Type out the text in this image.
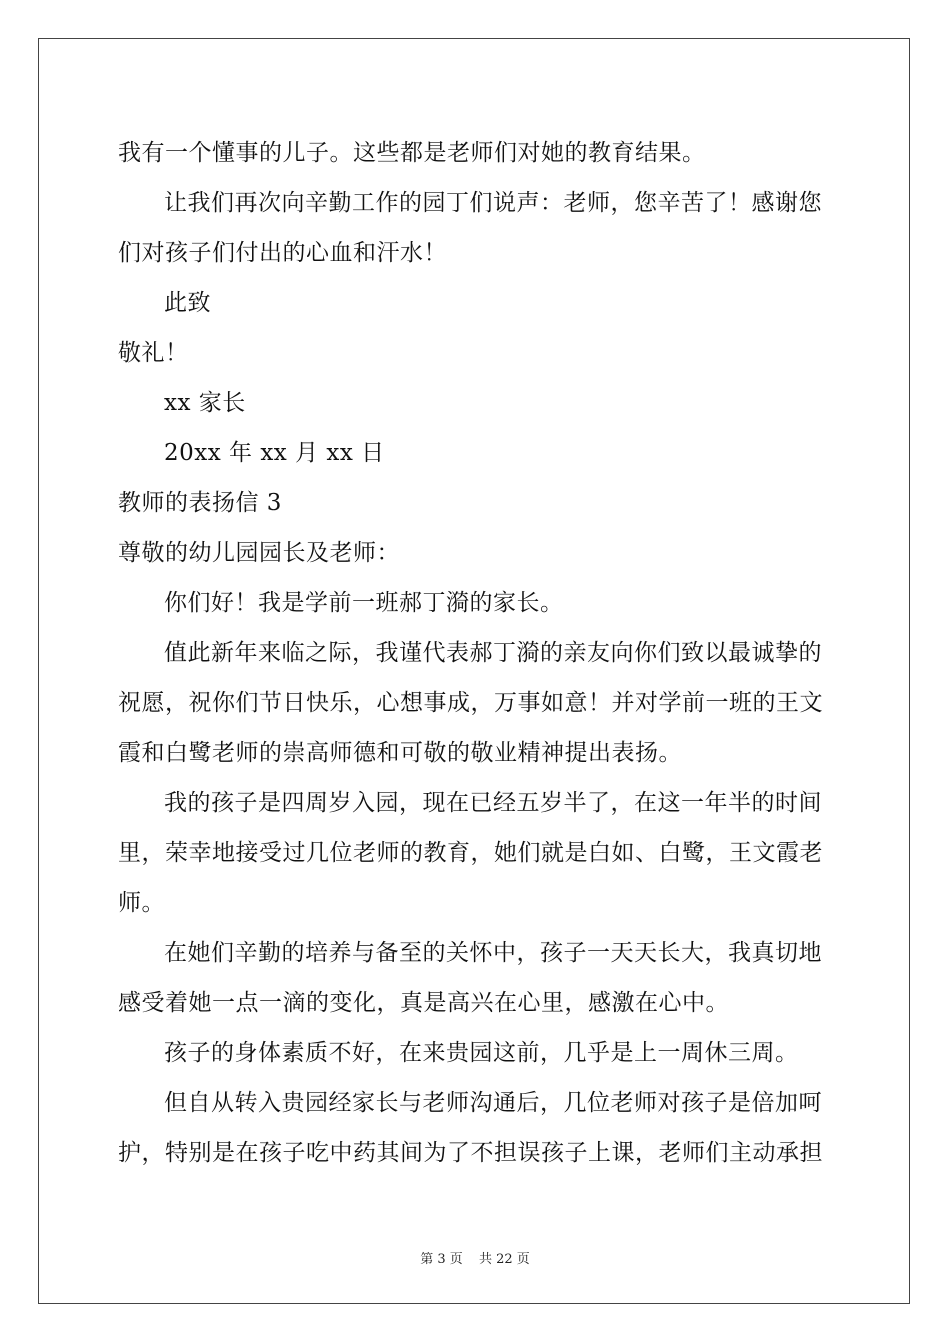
我有一个懂事的儿子。这些都是老师们对她的教育结果。
让我们再次向辛勤工作的园丁们说声：老师，您辛苦了！感谢您
们对孩子们付出的心血和汗水！
此致
敬礼！
xx 家长
20xx 年 xx 月 xx 日
教师的表扬信 3
尊敬的幼儿园园长及老师：
你们好！我是学前一班郝丁漪的家长。
值此新年来临之际，我谨代表郝丁漪的亲友向你们致以最诚挚的
祝愿，祝你们节日快乐，心想事成，万事如意！并对学前一班的王文
霞和白鹭老师的崇高师德和可敬的敬业精神提出表扬。
我的孩子是四周岁入园，现在已经五岁半了，在这一年半的时间
里，荣幸地接受过几位老师的教育，她们就是白如、白鹭，王文霞老
师。
在她们辛勤的培养与备至的关怀中，孩子一天天长大，我真切地
感受着她一点一滴的变化，真是高兴在心里，感激在心中。
孩子的身体素质不好，在来贵园这前，几乎是上一周休三周。
但自从转入贵园经家长与老师沟通后，几位老师对孩子是倍加呵
护，特别是在孩子吃中药其间为了不担误孩子上课，老师们主动承担
第 3 页 共 22 页
